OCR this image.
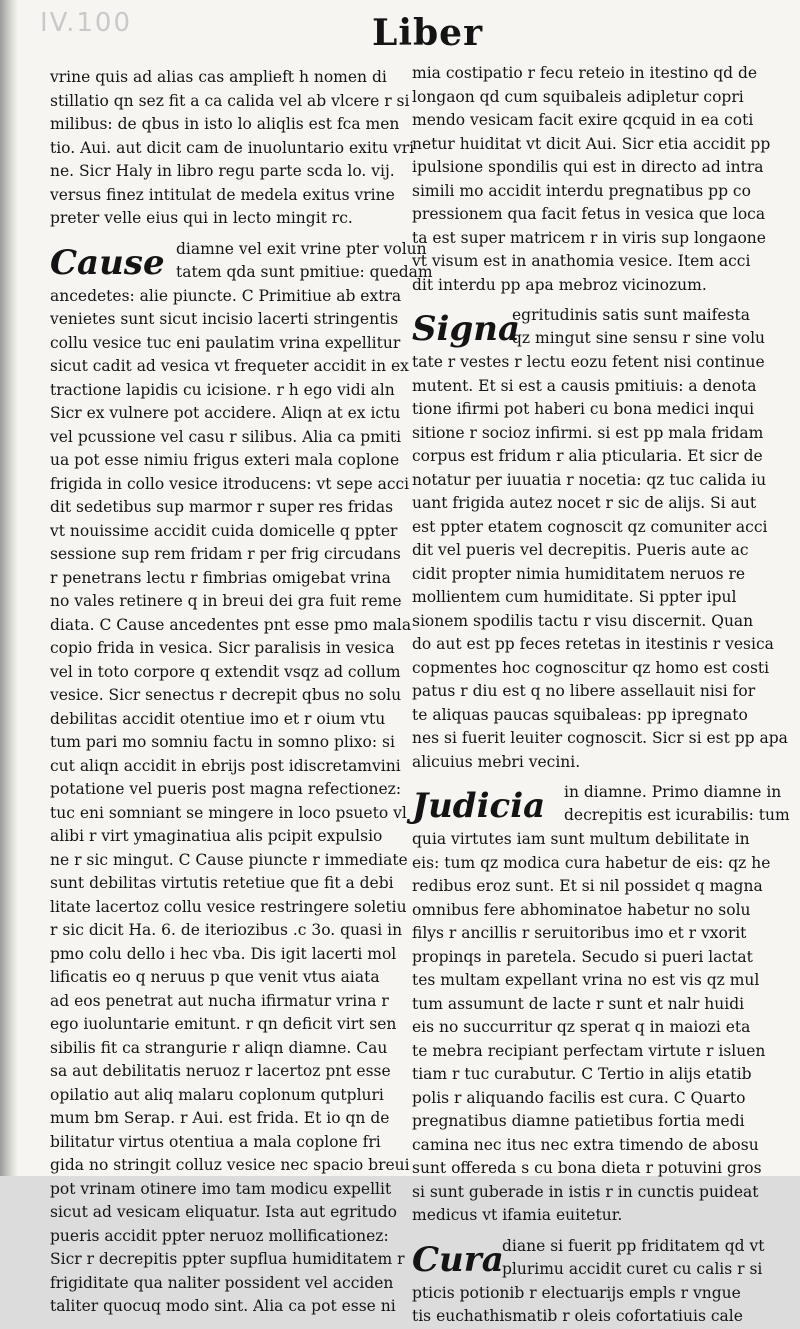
IV.100	Liber
vrine quis ad alias cas amplieft h nomen di
stillatio qn sez fit a ca calida vel ab vlcere r si
milibus: de qbus in isto lo aliqlis est fca men
tio. Aui. aut dicit cam de inuoluntario exitu vri
ne. Sicr Haly in libro regu parte scda lo. vij.
versus finez intitulat de medela exitus vrine
preter velle eius qui in lecto mingit rc.
Cause diamne vel exit vrine pter volun
tatem qda sunt pmitiue: quedam
ancedetes: alie piuncte. C Primitiue ab extra
venietes sunt sicut incisio lacerti stringentis
collu vesice tuc eni paulatim vrina expellitur
sicut cadit ad vesica vt frequeter accidit in ex
tractione lapidis cu icisione. r h ego vidi aln
Sicr ex vulnere pot accidere. Aliqn at ex ictu
vel pcussione vel casu r silibus. Alia ca pmiti
ua pot esse nimiu frigus exteri mala coplone
frigida in collo vesice itroducens: vt sepe acci
dit sedetibus sup marmor r super res fridas
vt nouissime accidit cuida domicelle q ppter
sessione sup rem fridam r per frig circudans
r penetrans lectu r fimbrias omigebat vrina
no vales retinere q in breui dei gra fuit reme
diata. C Cause ancedentes pnt esse pmo mala
copio frida in vesica. Sicr paralisis in vesica
vel in toto corpore q extendit vsqz ad collum
vesice. Sicr senectus r decrepit qbus no solu
debilitas accidit otentiue imo et r oium vtu
tum pari mo somniu factu in somno plixo: si
cut aliqn accidit in ebrijs post idiscretamvini
potatione vel pueris post magna refectionez:
tuc eni somniant se mingere in loco psueto vl
alibi r virt ymaginatiua alis pcipit expulsio
ne r sic mingut. C Cause piuncte r immediate
sunt debilitas virtutis retetiue que fit a debi
litate lacertoz collu vesice restringere soletiu
r sic dicit Ha. 6. de iteriozibus .c 3o. quasi in
pmo colu dello i hec vba. Dis igit lacerti mol
lificatis eo q neruus p que venit vtus aiata
ad eos penetrat aut nucha ifirmatur vrina r
ego iuoluntarie emitunt. r qn deficit virt sen
sibilis fit ca strangurie r aliqn diamne. Cau
sa aut debilitatis neruoz r lacertoz pnt esse
opilatio aut aliq malaru coplonum qutpluri
mum bm Serap. r Aui. est frida. Et io qn de
bilitatur virtus otentiua a mala coplone fri
gida no stringit colluz vesice nec spacio breui
pot vrinam otinere imo tam modicu expellit
sicut ad vesicam eliquatur. Ista aut egritudo
pueris accidit ppter neruoz mollificationez:
Sicr r decrepitis ppter supflua humiditatem r
frigiditate qua naliter possident vel acciden
taliter quocuq modo sint. Alia ca pot esse ni
mia costipatio r fecu reteio in itestino qd de
longaon qd cum squibaleis adipletur copri
mendo vesicam facit exire qcquid in ea coti
netur huiditat vt dicit Aui. Sicr etia accidit pp
ipulsione spondilis qui est in directo ad intra
simili mo accidit interdu pregnatibus pp co
pressionem qua facit fetus in vesica que loca
ta est super matricem r in viris sup longaone
vt visum est in anathomia vesice. Item acci
dit interdu pp apa mebroz vicinozum.
Signa
egritudinis satis sunt maifesta
qz mingut sine sensu r sine volu
tate r vestes r lectu eozu fetent nisi continue
mutent. Et si est a causis pmitiuis: a denota
tione ifirmi pot haberi cu bona medici inqui
sitione r socioz infirmi. si est pp mala fridam
corpus est fridum r alia pticularia. Et sicr de
notatur per iuuatia r nocetia: qz tuc calida iu
uant frigida autez nocet r sic de alijs. Si aut
est ppter etatem cognoscit qz comuniter acci
dit vel pueris vel decrepitis. Pueris aute ac
cidit propter nimia humiditatem neruos re
mollientem cum humiditate. Si ppter ipul
sionem spodilis tactu r visu discernit. Quan
do aut est pp feces retetas in itestinis r vesica
copmentes hoc cognoscitur qz homo est costi
patus r diu est q no libere assellauit nisi for
te aliquas paucas squibaleas: pp ipregnato
nes si fuerit leuiter cognoscit. Sicr si est pp apa
alicuius mebri vecini.
Judicia in diamne. Primo diamne in
decrepitis est icurabilis: tum
quia virtutes iam sunt multum debilitate in
eis: tum qz modica cura habetur de eis: qz he
redibus eroz sunt. Et si nil possidet q magna
omnibus fere abhominatoe habetur no solu
filys r ancillis r seruitoribus imo et r vxorit
propinqs in paretela. Secudo si pueri lactat
tes multam expellant vrina no est vis qz mul
tum assumunt de lacte r sunt et nalr huidi
eis no succurritur qz sperat q in maiozi eta
te mebra recipiant perfectam virtute r isluen
tiam r tuc curabutur. C Tertio in alijs etatib
polis r aliquando facilis est cura. C Quarto
pregnatibus diamne patietibus fortia medi
camina nec itus nec extra timendo de abosu
sunt offereda s cu bona dieta r potuvini gros
si sunt guberade in istis r in cunctis puideat
medicus vt ifamia euitetur.
Cura
diane si fuerit pp friditatem qd vt
plurimu accidit curet cu calis r si
pticis potionib r electuarijs empls r vngue
tis euchathismatib r oleis cofortatiuis cale
